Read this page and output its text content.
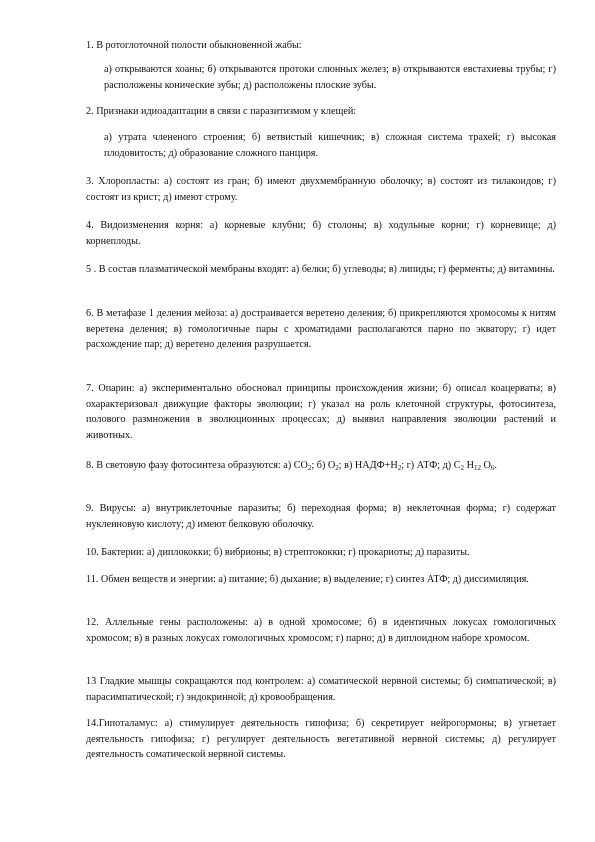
1. В ротоглоточной полости обыкновенной жабы:

а) открываются хоаны; б) открываются протоки слюнных желез; в) открываются евстахиевы трубы; г) расположены конические зубы; д) расположены плоские зубы.

2. Признаки идиоадаптации в связи с паразитизмом у клещей:

а) утрата члененого строения; б) ветвистый кишечник; в) сложная система трахей; г) высокая плодовитость; д) образование сложного панциря.

3. Хлоропласты: а) состоят из гран; б) имеют двухмембранную оболочку; в) состоят из тилакоидов; г) состоят из крист; д) имеют строму.

4. Видоизменения корня: а) корневые клубни; б) столоны; в) ходульные корни; г) корневище; д) корнеплоды.

5 . В состав плазматической мембраны входят: а) белки; б) углеводы; в) липиды; г) ферменты; д) витамины.

6. В метафазе 1 деления мейоза: а) достраивается веретено деления; б) прикрепляются хромосомы к нитям веретена деления; в) гомологичные пары с хроматидами располагаются парно по экватору; г) идет расхождение пар; д) веретено деления разрушается.

7. Опарин: а) экспериментально обосновал принципы происхождения жизни; б) описал коацерваты; в) охарактеризовал движущие факторы эволюции; г) указал на роль клеточной структуры, фотосинтеза, полового размножения в эволюционных процессах; д) выявил направления эволюции растений и животных.

8. В световую фазу фотосинтеза образуются: а) $CO_2$; б) $O_2$; в) $НАДФ+Н_2$; г) АТФ; д) $C_2$ $H_{12}$ $O_6$.

9. Вирусы: а) внутриклеточные паразиты; б) переходная форма; в) неклеточная форма; г) содержат нуклеиновую кислоту; д) имеют белковую оболочку.

10. Бактерии: а) диплококки; б) вибрионы; в) стрептококки; г) прокариоты; д) паразиты.

11. Обмен веществ и энергии: а) питание; б) дыхание; в) выделение; г) синтез АТФ; д) диссимиляция.

12. Аллельные гены расположены: а) в одной хромосоме; б) в идентичных локусах гомологичных хромосом; в) в разных локусах гомологичных хромосом; г) парно; д) в диплоидном наборе хромосом.

13 Гладкие мышцы сокращаются под контролем: а) соматической нервной системы; б) симпатической; в) парасимпатической; г) эндокринной; д) кровообращения.

14.Гипоталамус: а) стимулирует деятельность гипофиза; б) секретирует нейрогормоны; в) угнетает деятельность гипофиза; г) регулирует деятельность вегетативной нервной системы; д) регулирует деятельность соматической нервной системы.
